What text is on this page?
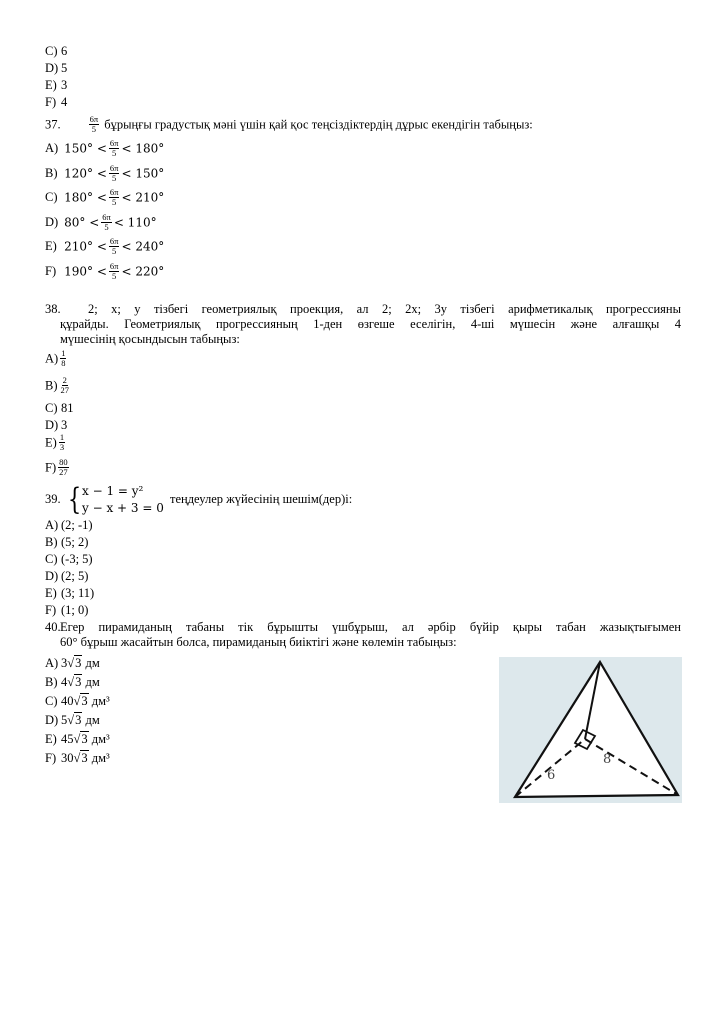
C) 6
D) 5
E) 3
F) 4
37.	$\frac{6\pi}{5}$ бұрыңғы градустық мәні үшін қай қос теңсіздіктердің дұрыс екендігін табыңыз:
A) $150^\circ < \frac{6\pi}{5} < 180^\circ$
B) $120^\circ < \frac{6\pi}{5} < 150^\circ$
C) $180^\circ < \frac{6\pi}{5} < 210^\circ$
D) $80^\circ < \frac{6\pi}{5} < 110^\circ$
E) $210^\circ < \frac{6\pi}{5} < 240^\circ$
F) $190^\circ < \frac{6\pi}{5} < 220^\circ$
38.	2; x; y тізбегі геометриялық проекция, ал 2; 2x; 3y тізбегі арифметикалық прогрессияны
құрайды. Геометриялық прогрессияның 1-ден өзгеше еселігін, 4-ші мүшесін және алғашқы 4
мүшесінің қосындысын табыңыз:
$A) \frac{1}{8}$
$B) \frac{2}{27}$
C) 81
D) 3
$E) \frac{1}{3}$
$F) \frac{80}{27}$
39. { x − 1 = y²
y − x + 3 = 0
теңдеулер жүйесінің шешім(дер)і:
A) (2; -1)
B) (5; 2)
C) (-3; 5)
D) (2; 5)
E) (3; 11)
F) (1; 0)
40. Егер пирамиданың табаны тік бұрышты үшбұрыш, ал әрбір бүйір қыры табан жазықтығымен
60° бұрыш жасайтын болса, пирамиданың биіктігі және көлемін табыңыз:
A) 3√3 дм
B) 4√3 дм
C) 40√3 дм³
D) 5√3 дм
E) 45√3 дм³
F) 30√3 дм³
6
8
